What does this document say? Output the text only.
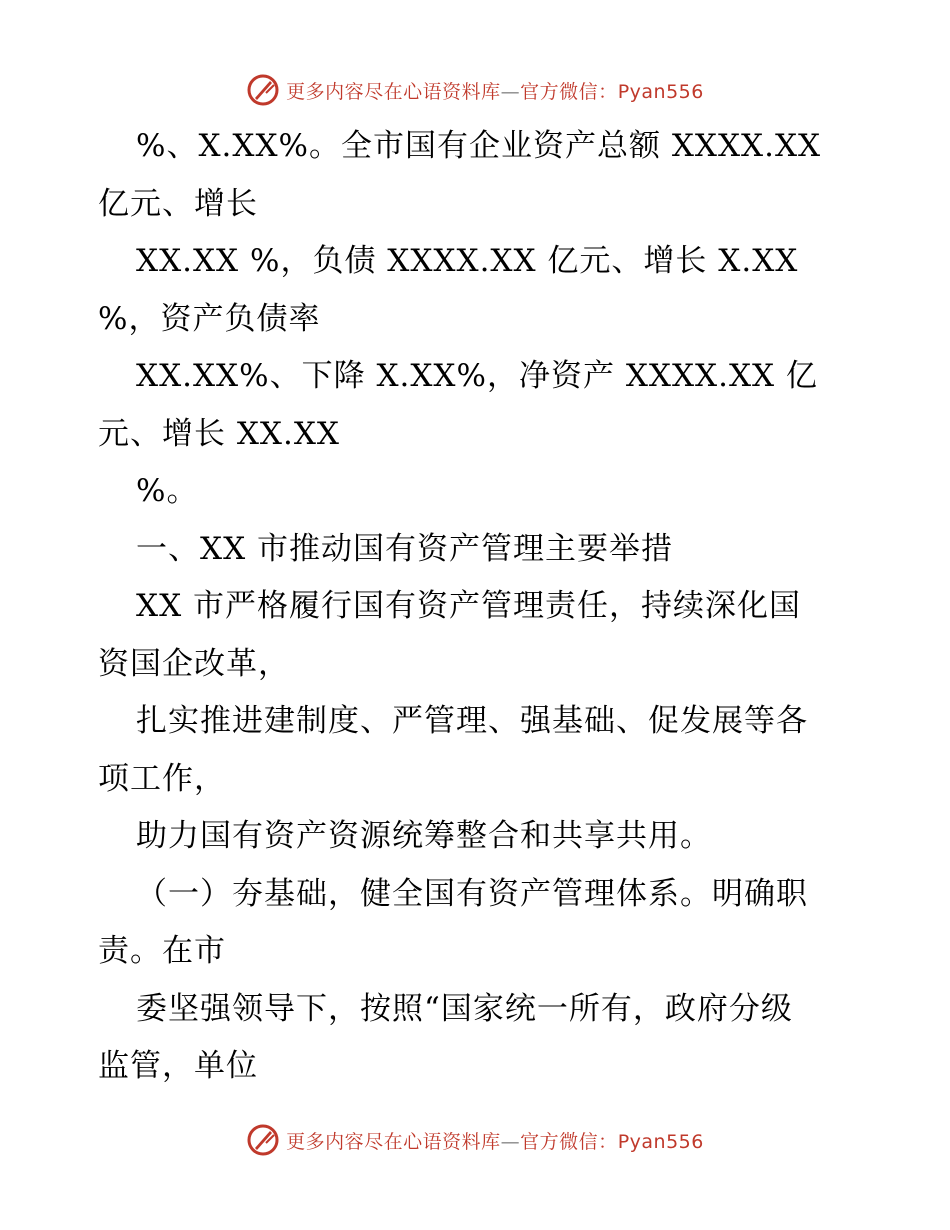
更多内容尽在心语资料库—官方微信：Pyan556
%、X.XX%。全市国有企业资产总额 XXXX.XX
亿元、增长
XX.XX %，负债 XXXX.XX 亿元、增长 X.XX
%，资产负债率
XX.XX%、下降 X.XX%，净资产 XXXX.XX 亿
元、增长 XX.XX
%。
一、XX 市推动国有资产管理主要举措
XX 市严格履行国有资产管理责任，持续深化国
资国企改革，
扎实推进建制度、严管理、强基础、促发展等各
项工作，
助力国有资产资源统筹整合和共享共用。
（一）夯基础，健全国有资产管理体系。明确职
责。在市
委坚强领导下，按照“国家统一所有，政府分级
监管，单位
更多内容尽在心语资料库—官方微信：Pyan556
